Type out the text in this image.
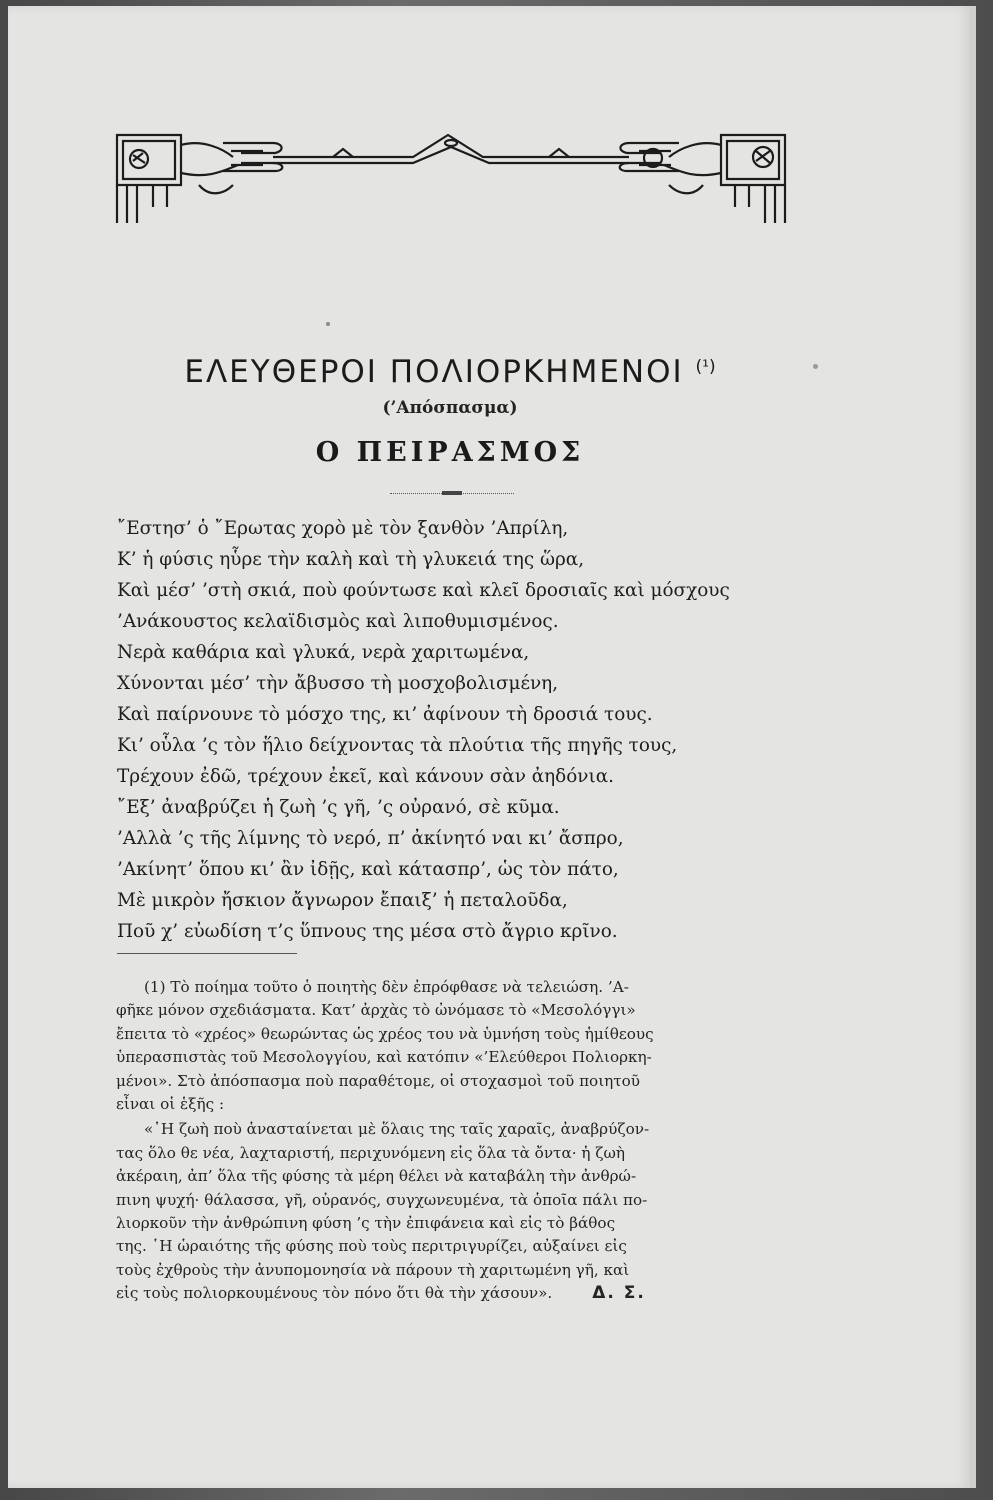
ΕΛΕΥΘΕΡΟΙ ΠΟΛΙΟΡΚΗΜΕΝΟΙ $^{(^1)}$
(’Απόσπασμα)
Ο ΠΕΙΡΑΣΜΟΣ
῎Εστησ’ ὁ ῎Ερωτας χορὸ μὲ τὸν ξανθὸν ’Απρίλη,
Κ’ ἡ φύσις ηὗρε τὴν καλὴ καὶ τὴ γλυκειά της ὥρα,
Καὶ μέσ’ ’στὴ σκιά, ποὺ φούντωσε καὶ κλεῖ δροσιαῖς καὶ μόσχους
’Ανάκουστος κελαϊδισμὸς καὶ λιποθυμισμένος.
Νερὰ καθάρια καὶ γλυκά, νερὰ χαριτωμένα,
Χύνονται μέσ’ τὴν ἄβυσσο τὴ μοσχοβολισμένη,
Καὶ παίρνουνε τὸ μόσχο της, κι’ ἀφίνουν τὴ δροσιά τους.
Κι’ οὗλα ’ς τὸν ἥλιο δείχνοντας τὰ πλούτια τῆς πηγῆς τους,
Τρέχουν ἐδῶ, τρέχουν ἐκεῖ, καὶ κάνουν σὰν ἀηδόνια.
῎Εξ’ ἀναβρύζει ἡ ζωὴ ’ς γῆ, ’ς οὐρανό, σὲ κῦμα.
’Αλλὰ ’ς τῆς λίμνης τὸ νερό, π’ ἀκίνητό ναι κι’ ἄσπρο,
’Ακίνητ’ ὅπου κι’ ἂν ἰδῇς, καὶ κάτασπρ’, ὡς τὸν πάτο,
Μὲ μικρὸν ἤσκιον ἄγνωρον ἔπαιξ’ ἡ πεταλοῦδα,
Ποῦ χ’ εὐωδίση τ’ς ὕπνους της μέσα στὸ ἄγριο κρῖνο.
(1) Τὸ ποίημα τοῦτο ὁ ποιητὴς δὲν ἐπρόφθασε νὰ τελειώση. ’Α-
φῆκε μόνον σχεδιάσματα. Κατ’ ἀρχὰς τὸ ὠνόμασε τὸ «Μεσολόγγι»
ἔπειτα τὸ «χρέος» θεωρώντας ὡς χρέος του νὰ ὑμνήση τοὺς ἡμίθεους
ὑπερασπιστὰς τοῦ Μεσολογγίου, καὶ κατόπιν «’Ελεύθεροι Πολιορκη-
μένοι». Στὸ ἀπόσπασμα ποὺ παραθέτομε, οἱ στοχασμοὶ τοῦ ποιητοῦ
εἶναι οἱ ἑξῆς :
«῾Η ζωὴ ποὺ ἀνασταίνεται μὲ ὅλαις της ταῖς χαραῖς, ἀναβρύζον-
τας ὅλο θε νέα, λαχταριστή, περιχυνόμενη εἰς ὅλα τὰ ὄντα· ἡ ζωὴ
ἀκέραιη, ἀπ’ ὅλα τῆς φύσης τὰ μέρη θέλει νὰ καταβάλη τὴν ἀνθρώ-
πινη ψυχή· θάλασσα, γῆ, οὐρανός, συγχωνευμένα, τὰ ὁποῖα πάλι πο-
λιορκοῦν τὴν ἀνθρώπινη φύση ’ς τὴν ἐπιφάνεια καὶ εἰς τὸ βάθος
της. ῾Η ὡραιότης τῆς φύσης ποὺ τοὺς περιτριγυρίζει, αὐξαίνει εἰς
τοὺς ἐχθροὺς τὴν ἀνυπομονησία νὰ πάρουν τὴ χαριτωμένη γῆ, καὶ
εἰς τοὺς πολιορκουμένους τὸν πόνο ὅτι θὰ τὴν χάσουν». Δ. Σ.
